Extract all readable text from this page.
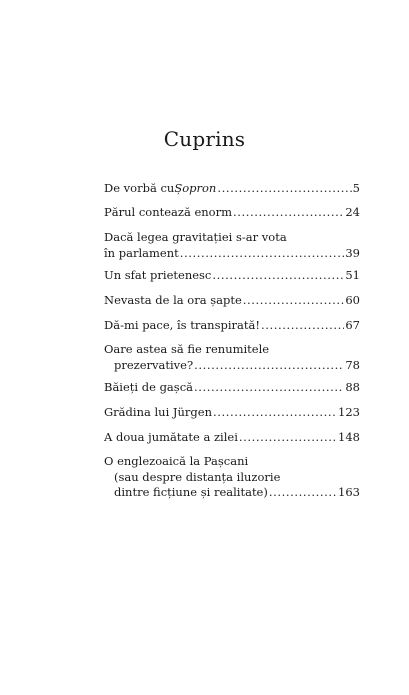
Cuprins
De vorbă cu Șopron .....	5
Părul contează enorm .....	24
Dacă legea gravitației s-ar vota
în parlament .....	39
Un sfat prietenesc .....	51
Nevasta de la ora șapte .....	60
Dă-mi pace, îs transpirată! .....	67
Oare astea să fie renumitele
prezervative? .....	78
Băieți de gașcă .....	88
Grădina lui Jürgen .....	123
A doua jumătate a zilei .....	148
O englezoaică la Pașcani
(sau despre distanța iluzorie
dintre ficțiune și realitate) .....	163
